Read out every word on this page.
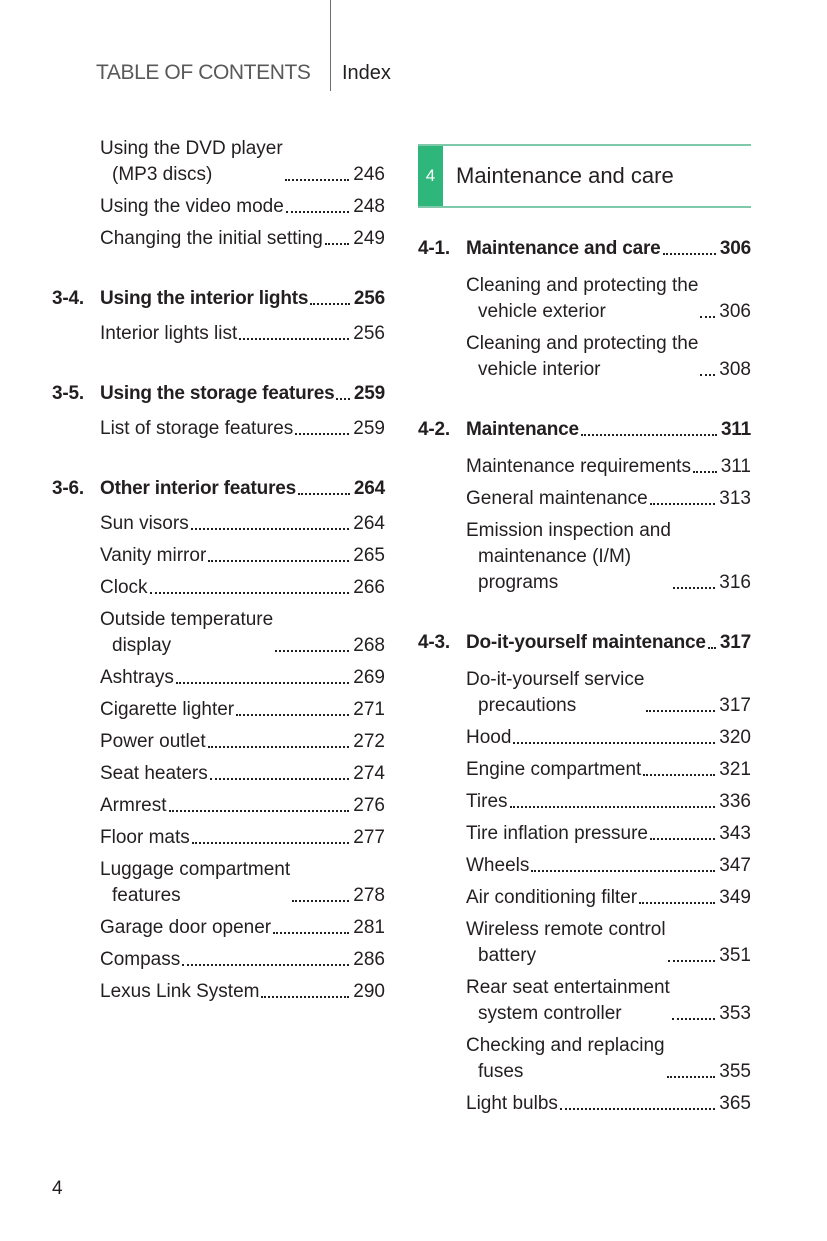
TABLE OF CONTENTS Index
Using the DVD player
(MP3 discs)	246
Using the video mode	248
Changing the initial setting 249
3-4. Using the interior lights 256
Interior lights list	256
3-5. Using the storage features 259
List of storage features	259
3-6. Other interior features	264
Sun visors	264
Vanity mirror	265
Clock	266
Outside temperature
display	268
Ashtrays	269
Cigarette lighter	271
Power outlet	272
Seat heaters	274
Armrest	276
Floor mats	277
Luggage compartment
features	278
Garage door opener	281
Compass	286
Lexus Link System	290
4 Maintenance and care
4-1. Maintenance and care	306
Cleaning and protecting the
vehicle exterior	306
Cleaning and protecting the
vehicle interior	308
4-2. Maintenance	311
Maintenance requirements 311
General maintenance	313
Emission inspection and
maintenance (I/M)
programs	316
4-3. Do-it-yourself maintenance 317
Do-it-yourself service
precautions	317
Hood	320
Engine compartment	321
Tires	336
Tire inflation pressure	343
Wheels	347
Air conditioning filter	349
Wireless remote control
battery	351
Rear seat entertainment
system controller	353
Checking and replacing
fuses	355
Light bulbs	365
4
